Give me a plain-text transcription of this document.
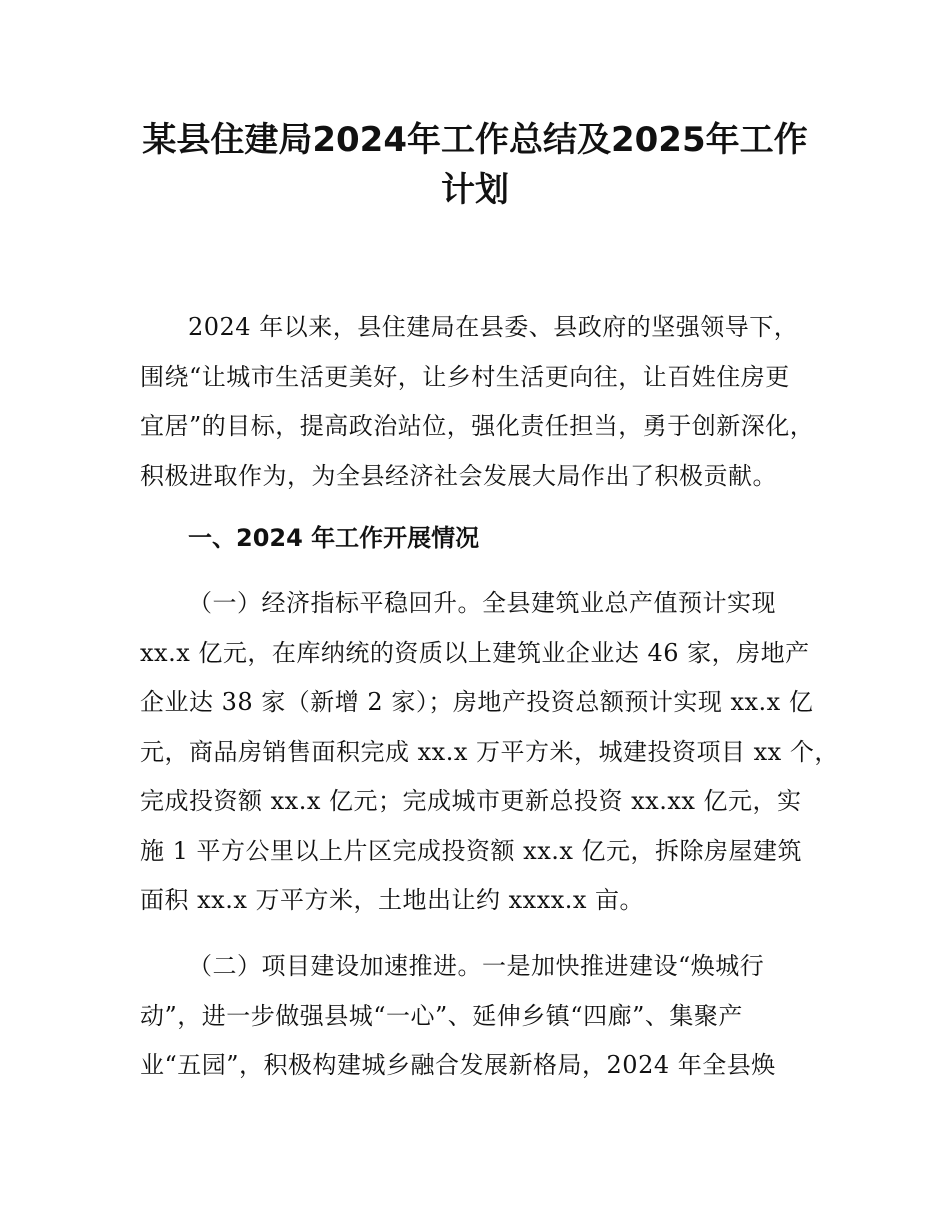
某县住建局2024年工作总结及2025年工作
计划

2024 年以来，县住建局在县委、县政府的坚强领导下，
围绕“让城市生活更美好，让乡村生活更向往，让百姓住房更
宜居”的目标，提高政治站位，强化责任担当，勇于创新深化，
积极进取作为，为全县经济社会发展大局作出了积极贡献。

一、2024 年工作开展情况

（一）经济指标平稳回升。全县建筑业总产值预计实现
xx.x 亿元，在库纳统的资质以上建筑业企业达 46 家，房地产
企业达 38 家（新增 2 家）；房地产投资总额预计实现 xx.x 亿
元，商品房销售面积完成 xx.x 万平方米，城建投资项目 xx 个，
完成投资额 xx.x 亿元；完成城市更新总投资 xx.xx 亿元，实
施 1 平方公里以上片区完成投资额 xx.x 亿元，拆除房屋建筑
面积 xx.x 万平方米，土地出让约 xxxx.x 亩。

（二）项目建设加速推进。一是加快推进建设“焕城行
动”，进一步做强县城“一心”、延伸乡镇“四廊”、集聚产
业“五园”，积极构建城乡融合发展新格局，2024 年全县焕
